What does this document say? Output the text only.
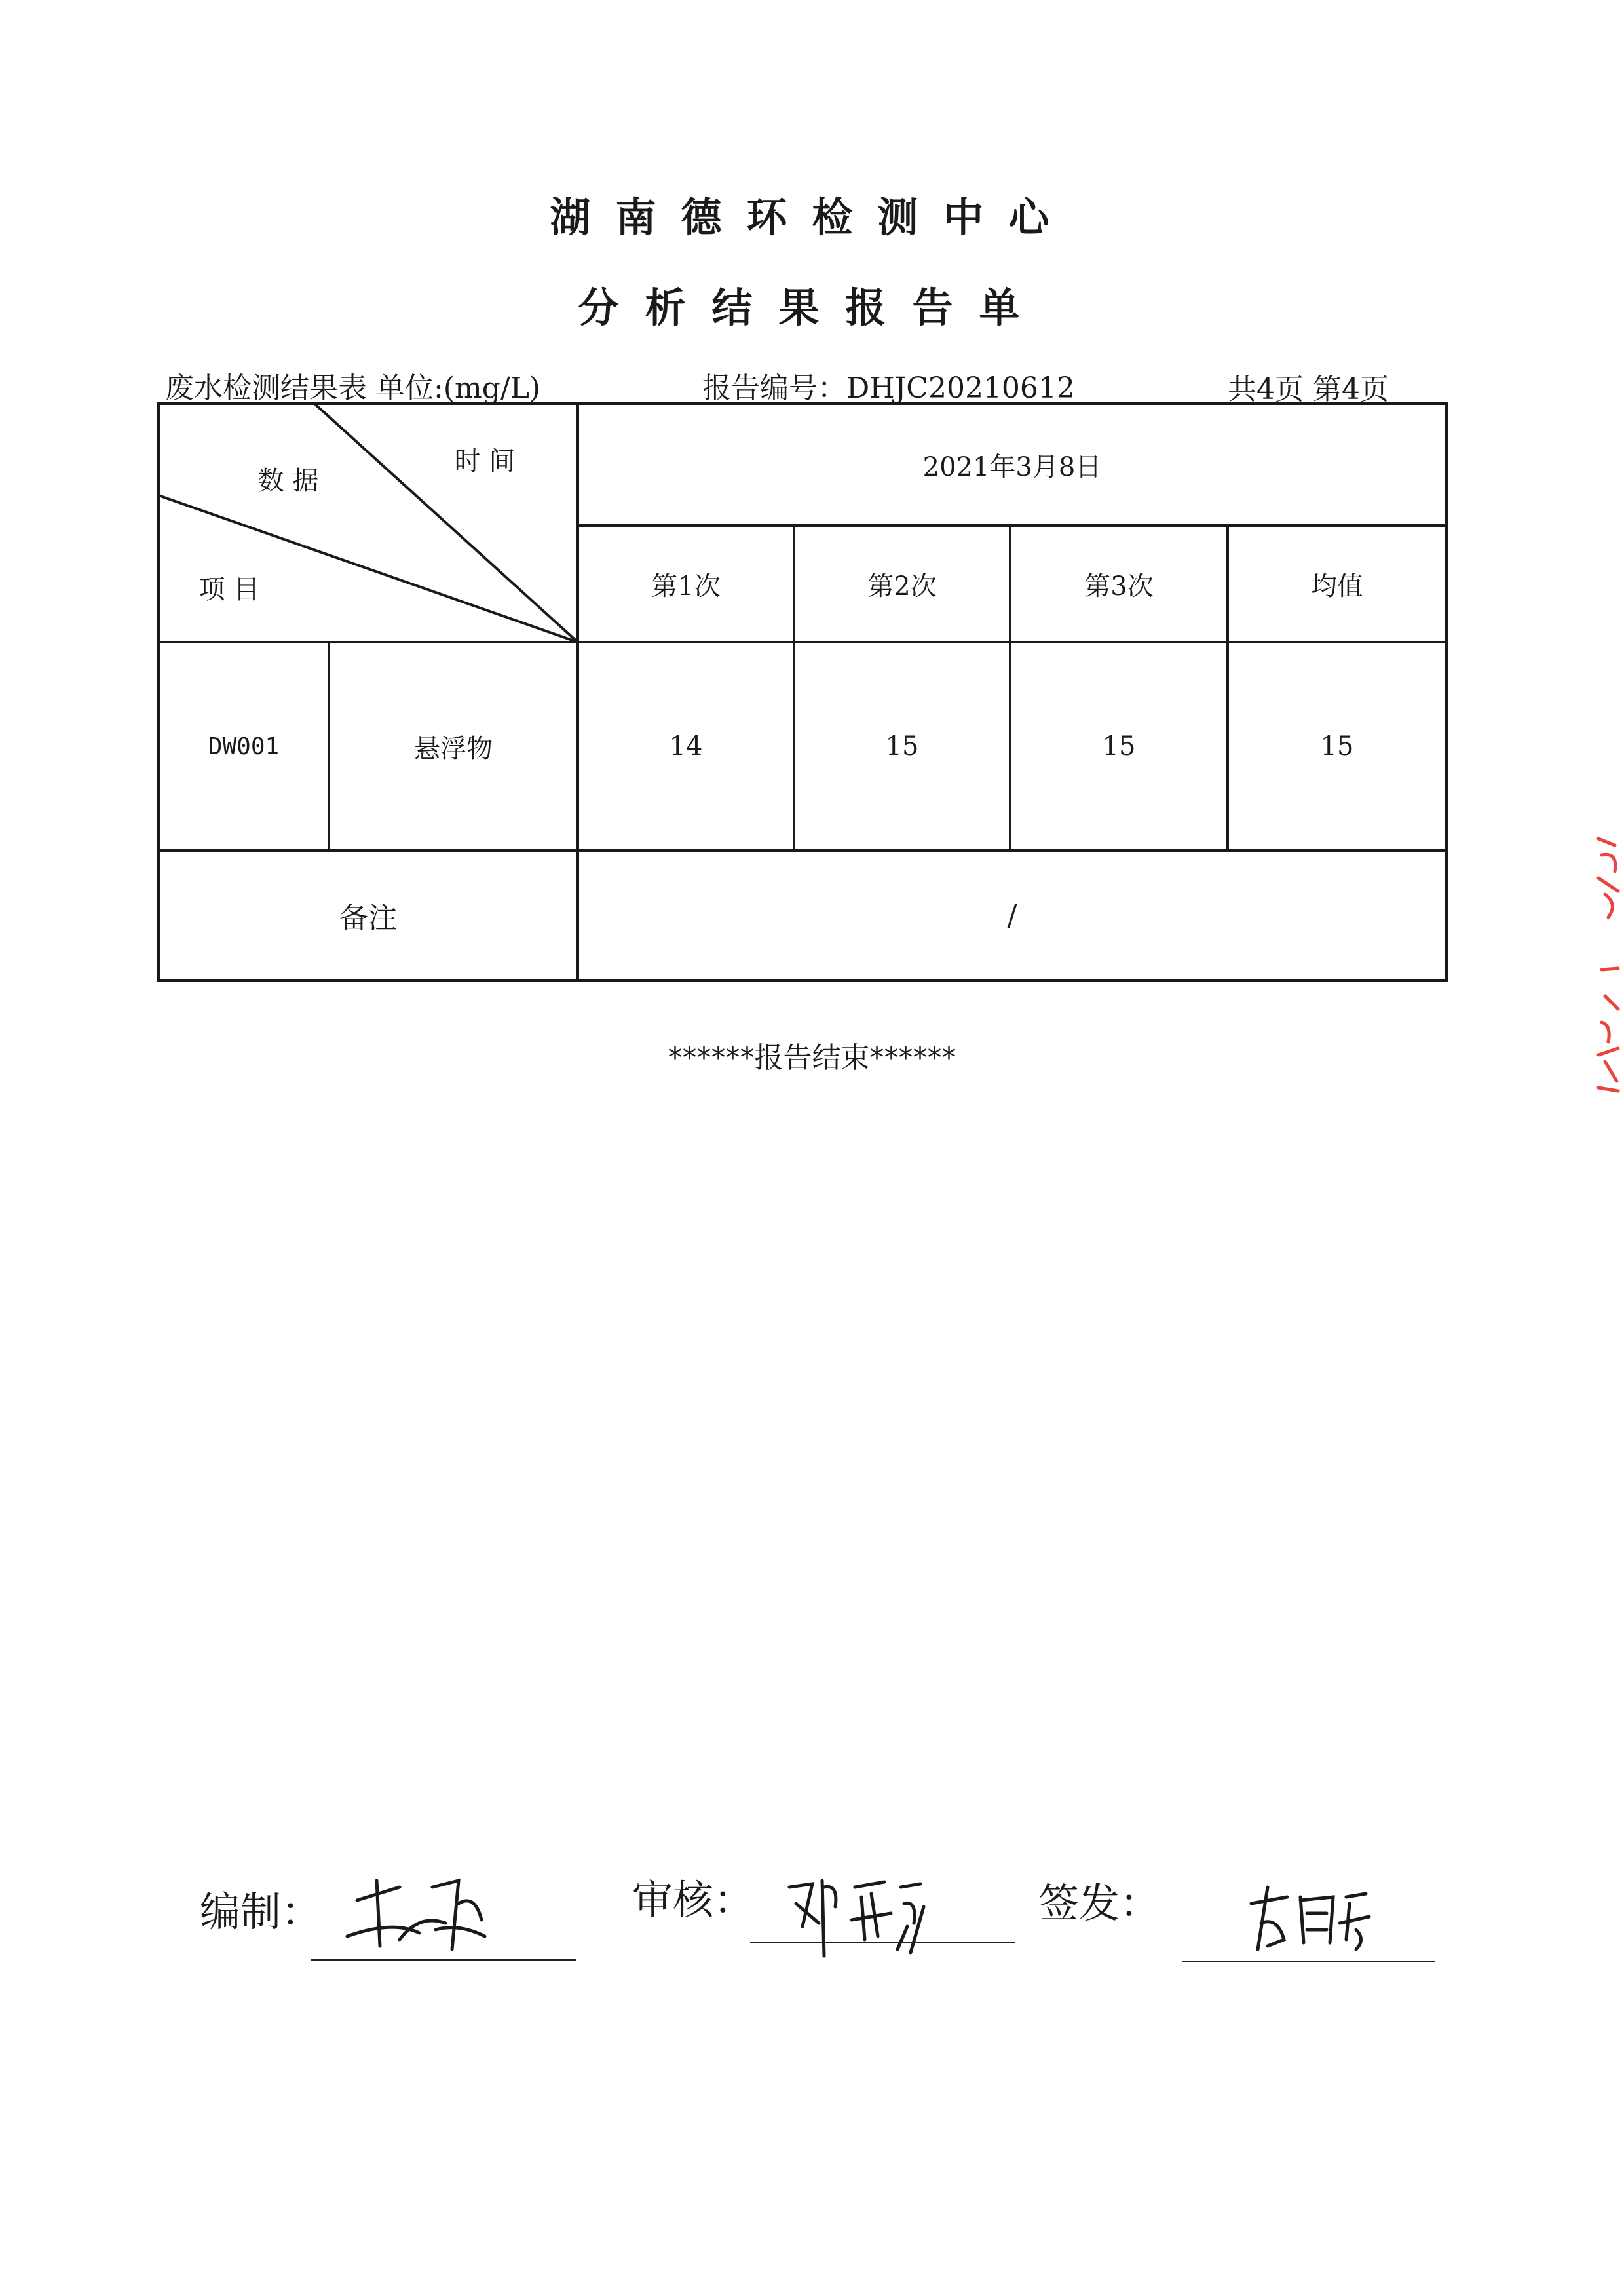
湖南德环检测中心
分析结果报告单
废水检测结果表 单位:(mg/L)	报告编号：DHJC20210612	共4页 第4页
时 间
数 据
项 目
2021年3月8日
第1次	第2次	第3次	均值
DW001	悬浮物	14	15	15	15
备注	/
******报告结束******
编制：	审核：	签发：
